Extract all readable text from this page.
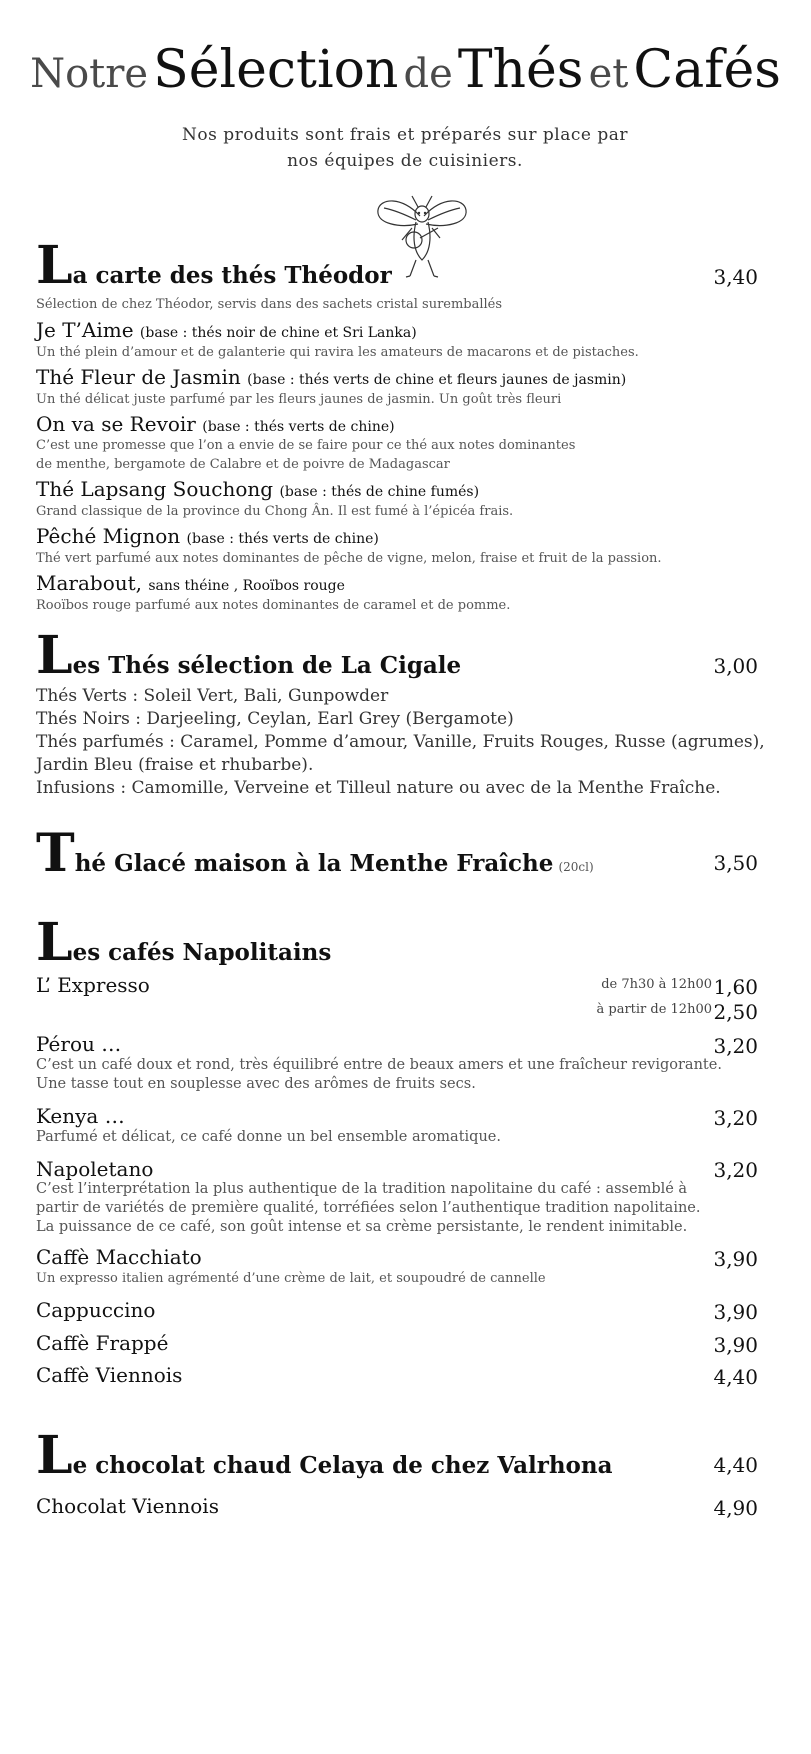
Notre Sélection de Thés et Cafés
Nos produits sont frais et préparés sur place par
nos équipes de cuisiniers.
La carte des thés Théodor	3,40
Sélection de chez Théodor, servis dans des sachets cristal suremballés
Je T’Aime (base : thés noir de chine et Sri Lanka)
Un thé plein d’amour et de galanterie qui ravira les amateurs de macarons et de pistaches.
Thé Fleur de Jasmin (base : thés verts de chine et fleurs jaunes de jasmin)
Un thé délicat juste parfumé par les fleurs jaunes de jasmin. Un goût très fleuri
On va se Revoir (base : thés verts de chine)
C’est une promesse que l’on a envie de se faire pour ce thé aux notes dominantes
de menthe, bergamote de Calabre et de poivre de Madagascar
Thé Lapsang Souchong (base : thés de chine fumés)
Grand classique de la province du Chong Ân. Il est fumé à l’épicéa frais.
Pêché Mignon (base : thés verts de chine)
Thé vert parfumé aux notes dominantes de pêche de vigne, melon, fraise et fruit de la passion.
Marabout, sans théine , Rooïbos rouge
Rooïbos rouge parfumé aux notes dominantes de caramel et de pomme.
Les Thés sélection de La Cigale	3,00
Thés Verts : Soleil Vert, Bali, Gunpowder
Thés Noirs : Darjeeling, Ceylan, Earl Grey (Bergamote)
Thés parfumés : Caramel, Pomme d’amour, Vanille, Fruits Rouges, Russe (agrumes),
Jardin Bleu (fraise et rhubarbe).
Infusions : Camomille, Verveine et Tilleul nature ou avec de la Menthe Fraîche.
Thé Glacé maison à la Menthe Fraîche (20cl)	3,50
Les cafés Napolitains
L’ Expresso	de 7h30 à 12h00 1,60
à partir de 12h00 2,50
Pérou …	3,20
C’est un café doux et rond, très équilibré entre de beaux amers et une fraîcheur revigorante.
Une tasse tout en souplesse avec des arômes de fruits secs.
Kenya …	3,20
Parfumé et délicat, ce café donne un bel ensemble aromatique.
Napoletano	3,20
C’est l’interprétation la plus authentique de la tradition napolitaine du café : assemblé à
partir de variétés de première qualité, torréfiées selon l’authentique tradition napolitaine.
La puissance de ce café, son goût intense et sa crème persistante, le rendent inimitable.
Caffè Macchiato	3,90
Un expresso italien agrémenté d’une crème de lait, et soupoudré de cannelle
Cappuccino	3,90
Caffè Frappé	3,90
Caffè Viennois	4,40
Le chocolat chaud Celaya de chez Valrhona	4,40
Chocolat Viennois	4,90
